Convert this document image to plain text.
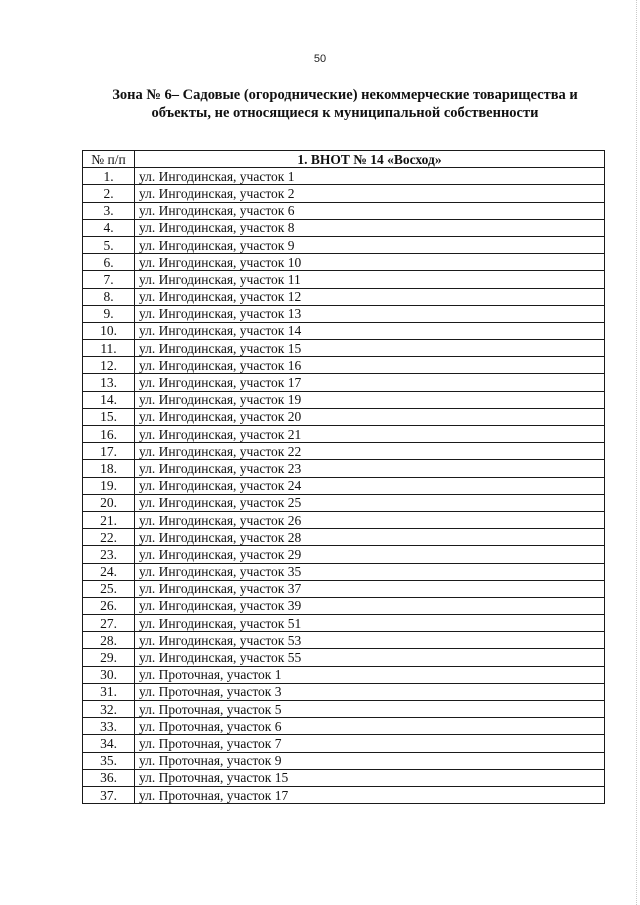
50
Зона № 6– Садовые (огороднические) некоммерческие товарищества и
объекты, не относящиеся к муниципальной собственности
№ п/п	1. ВНОТ № 14 «Восход»
1.	ул. Ингодинская, участок 1
2.	ул. Ингодинская, участок 2
3.	ул. Ингодинская, участок 6
4.	ул. Ингодинская, участок 8
5.	ул. Ингодинская, участок 9
6.	ул. Ингодинская, участок 10
7.	ул. Ингодинская, участок 11
8.	ул. Ингодинская, участок 12
9.	ул. Ингодинская, участок 13
10.	ул. Ингодинская, участок 14
11.	ул. Ингодинская, участок 15
12.	ул. Ингодинская, участок 16
13.	ул. Ингодинская, участок 17
14.	ул. Ингодинская, участок 19
15.	ул. Ингодинская, участок 20
16.	ул. Ингодинская, участок 21
17.	ул. Ингодинская, участок 22
18.	ул. Ингодинская, участок 23
19.	ул. Ингодинская, участок 24
20.	ул. Ингодинская, участок 25
21.	ул. Ингодинская, участок 26
22.	ул. Ингодинская, участок 28
23.	ул. Ингодинская, участок 29
24.	ул. Ингодинская, участок 35
25.	ул. Ингодинская, участок 37
26.	ул. Ингодинская, участок 39
27.	ул. Ингодинская, участок 51
28.	ул. Ингодинская, участок 53
29.	ул. Ингодинская, участок 55
30.	ул. Проточная, участок 1
31.	ул. Проточная, участок 3
32.	ул. Проточная, участок 5
33.	ул. Проточная, участок 6
34.	ул. Проточная, участок 7
35.	ул. Проточная, участок 9
36.	ул. Проточная, участок 15
37.	ул. Проточная, участок 17
